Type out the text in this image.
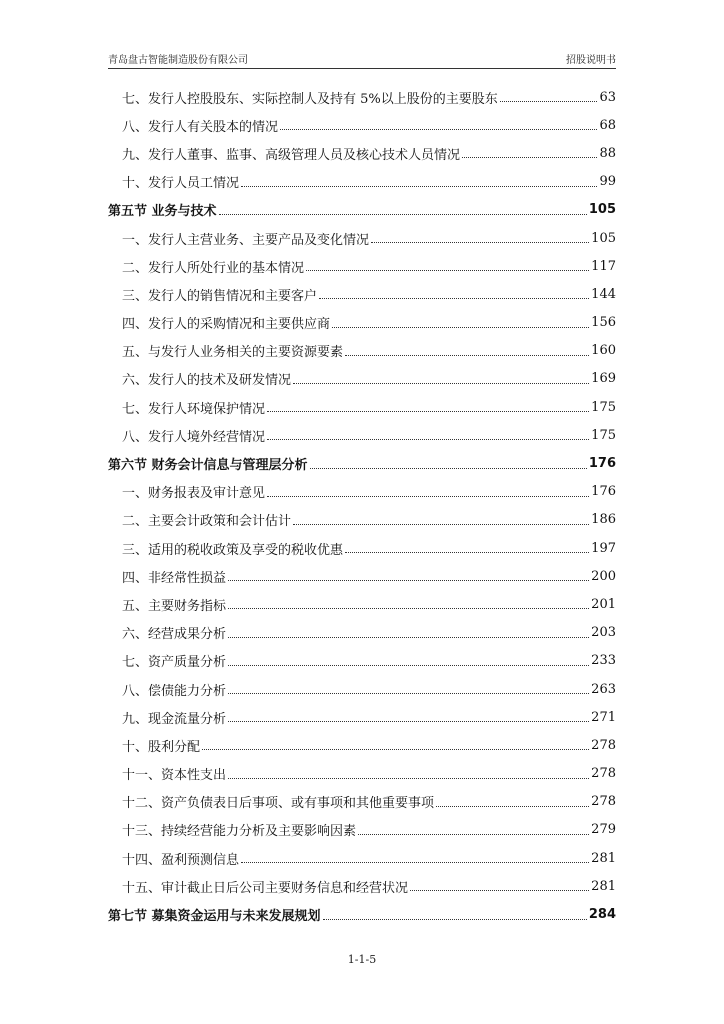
青岛盘古智能制造股份有限公司	招股说明书
七、发行人控股股东、实际控制人及持有 5%以上股份的主要股东	63
八、发行人有关股本的情况	68
九、发行人董事、监事、高级管理人员及核心技术人员情况	88
十、发行人员工情况	99
第五节 业务与技术	105
一、发行人主营业务、主要产品及变化情况	105
二、发行人所处行业的基本情况	117
三、发行人的销售情况和主要客户	144
四、发行人的采购情况和主要供应商	156
五、与发行人业务相关的主要资源要素	160
六、发行人的技术及研发情况	169
七、发行人环境保护情况	175
八、发行人境外经营情况	175
第六节 财务会计信息与管理层分析	176
一、财务报表及审计意见	176
二、主要会计政策和会计估计	186
三、适用的税收政策及享受的税收优惠	197
四、非经常性损益	200
五、主要财务指标	201
六、经营成果分析	203
七、资产质量分析	233
八、偿债能力分析	263
九、现金流量分析	271
十、股利分配	278
十一、资本性支出	278
十二、资产负债表日后事项、或有事项和其他重要事项	278
十三、持续经营能力分析及主要影响因素	279
十四、盈利预测信息	281
十五、审计截止日后公司主要财务信息和经营状况	281
第七节 募集资金运用与未来发展规划	284
1-1-5
